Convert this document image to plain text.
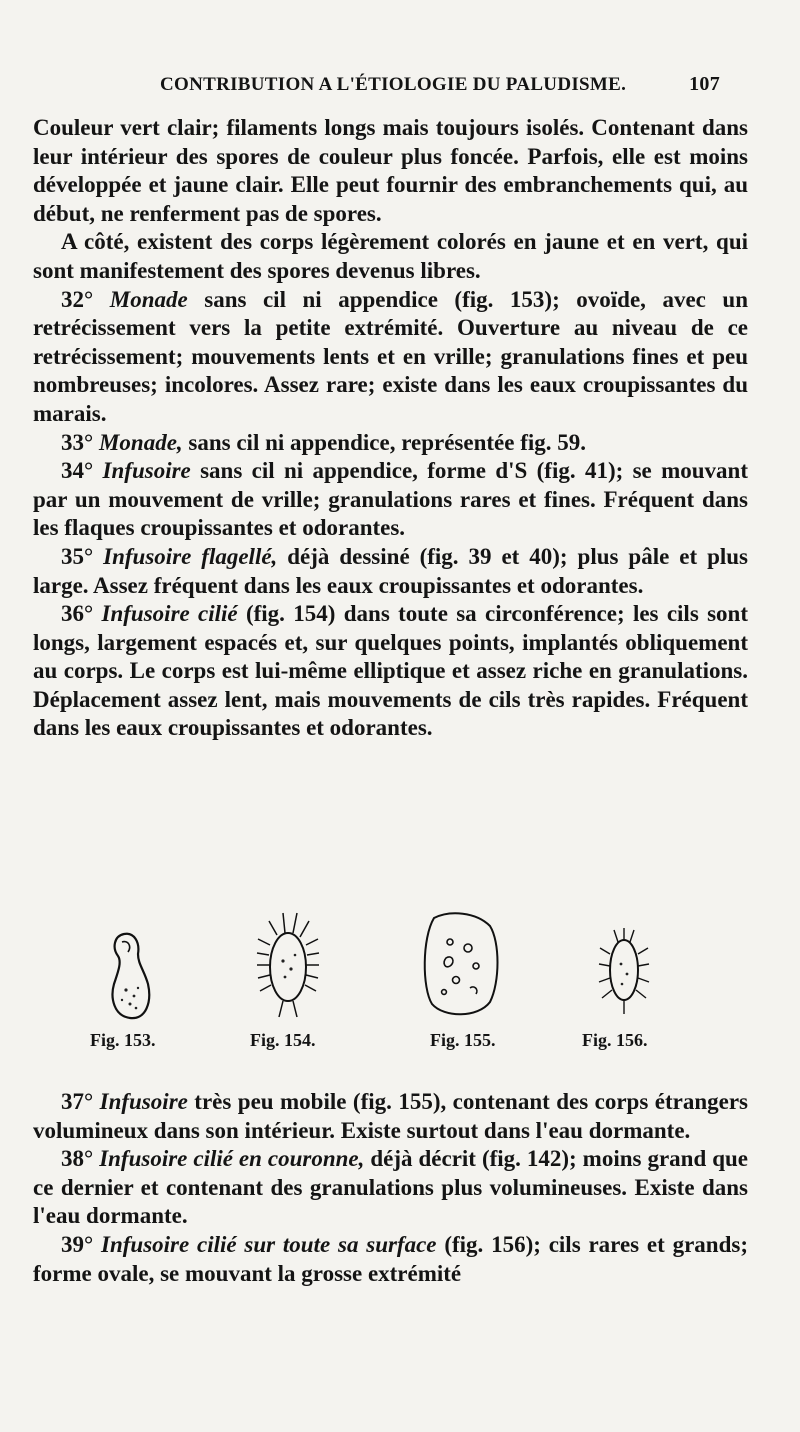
CONTRIBUTION A L'ÉTIOLOGIE DU PALUDISME.	107

Couleur vert clair; filaments longs mais toujours isolés. Contenant dans leur intérieur des spores de couleur plus foncée. Parfois, elle est moins développée et jaune clair. Elle peut fournir des embranchements qui, au début, ne renferment pas de spores.

A côté, existent des corps légèrement colorés en jaune et en vert, qui sont manifestement des spores devenus libres.

32° Monade sans cil ni appendice (fig. 153); ovoïde, avec un retrécissement vers la petite extrémité. Ouverture au niveau de ce retrécissement; mouvements lents et en vrille; granulations fines et peu nombreuses; incolores. Assez rare; existe dans les eaux croupissantes du marais.

33° Monade, sans cil ni appendice, représentée fig. 59.

34° Infusoire sans cil ni appendice, forme d'S (fig. 41); se mouvant par un mouvement de vrille; granulations rares et fines. Fréquent dans les flaques croupissantes et odorantes.

35° Infusoire flagellé, déjà dessiné (fig. 39 et 40); plus pâle et plus large. Assez fréquent dans les eaux croupissantes et odorantes.

36° Infusoire cilié (fig. 154) dans toute sa circonférence; les cils sont longs, largement espacés et, sur quelques points, implantés obliquement au corps. Le corps est lui-même elliptique et assez riche en granulations. Déplacement assez lent, mais mouvements de cils très rapides. Fréquent dans les eaux croupissantes et odorantes.

Fig. 153.	Fig. 154.	Fig. 155.	Fig. 156.

37° Infusoire très peu mobile (fig. 155), contenant des corps étrangers volumineux dans son intérieur. Existe surtout dans l'eau dormante.

38° Infusoire cilié en couronne, déjà décrit (fig. 142); moins grand que ce dernier et contenant des granulations plus volumineuses. Existe dans l'eau dormante.

39° Infusoire cilié sur toute sa surface (fig. 156); cils rares et grands; forme ovale, se mouvant la grosse extrémité
